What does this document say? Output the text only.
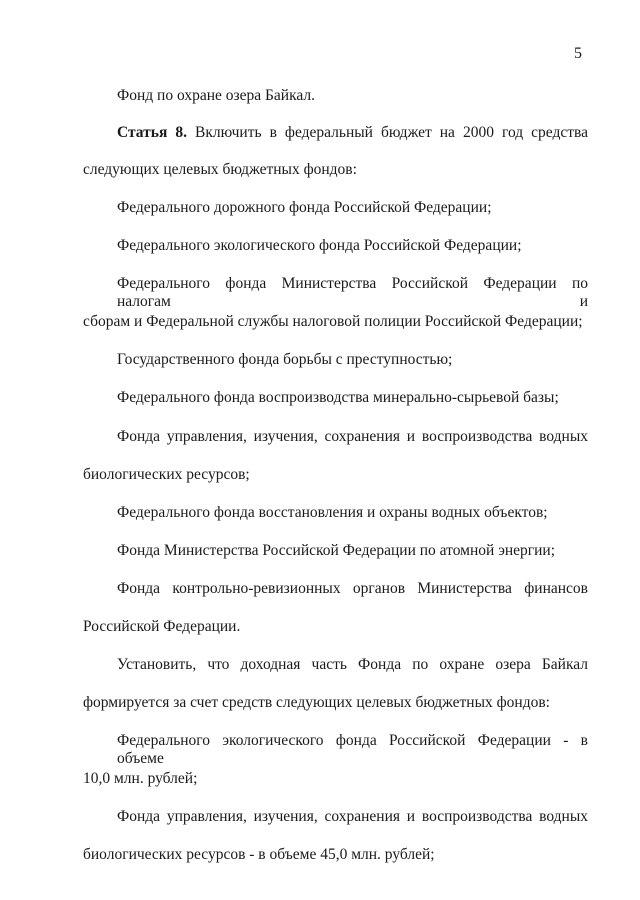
5
Фонд по охране озера Байкал.
Статья 8. Включить в федеральный бюджет на 2000 год средства
следующих целевых бюджетных фондов:
Федерального дорожного фонда Российской Федерации;
Федерального экологического фонда Российской Федерации;
Федерального фонда Министерства Российской Федерации по налогам и
сборам и Федеральной службы налоговой полиции Российской Федерации;
Государственного фонда борьбы с преступностью;
Федерального фонда воспроизводства минерально-сырьевой базы;
Фонда управления, изучения, сохранения и воспроизводства водных
биологических ресурсов;
Федерального фонда восстановления и охраны водных объектов;
Фонда Министерства Российской Федерации по атомной энергии;
Фонда контрольно-ревизионных органов Министерства финансов
Российской Федерации.
Установить, что доходная часть Фонда по охране озера Байкал
формируется за счет средств следующих целевых бюджетных фондов:
Федерального экологического фонда Российской Федерации - в объеме
10,0 млн. рублей;
Фонда управления, изучения, сохранения и воспроизводства водных
биологических ресурсов - в объеме 45,0 млн. рублей;
